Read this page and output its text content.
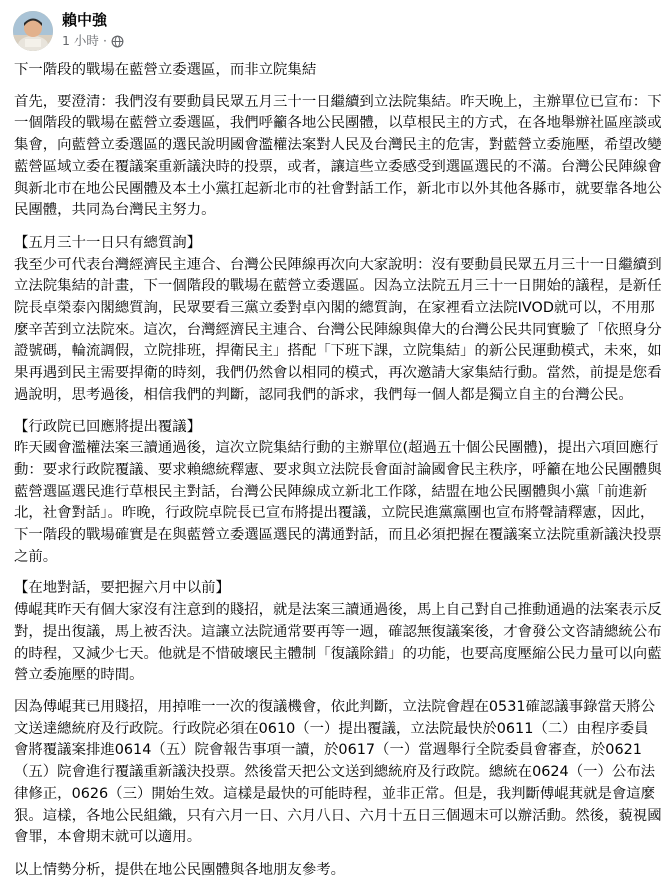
賴中強
1 小時 ·

下一階段的戰場在藍營立委選區，而非立院集結

首先，要澄清：我們沒有要動員民眾五月三十一日繼續到立法院集結。昨天晚上，主辦單位已宣布：下一個階段的戰場在藍營立委選區，我們呼籲各地公民團體，以草根民主的方式，在各地舉辦社區座談或集會，向藍營立委選區的選民說明國會濫權法案對人民及台灣民主的危害，對藍營立委施壓，希望改變藍營區域立委在覆議案重新議決時的投票，或者，讓這些立委感受到選區選民的不滿。台灣公民陣線會與新北市在地公民團體及本土小黨扛起新北市的社會對話工作，新北市以外其他各縣市，就要靠各地公民團體，共同為台灣民主努力。

【五月三十一日只有總質詢】

我至少可代表台灣經濟民主連合、台灣公民陣線再次向大家說明：沒有要動員民眾五月三十一日繼續到立法院集結的計畫，下一個階段的戰場在藍營立委選區。因為立法院五月三十一日開始的議程，是新任院長卓榮泰內閣總質詢，民眾要看三黨立委對卓內閣的總質詢，在家裡看立法院IVOD就可以，不用那麼辛苦到立法院來。這次，台灣經濟民主連合、台灣公民陣線與偉大的台灣公民共同實驗了「依照身分證號碼，輪流調假，立院排班，捍衛民主」搭配「下班下課，立院集結」的新公民運動模式，未來，如果再遇到民主需要捍衛的時刻，我們仍然會以相同的模式，再次邀請大家集結行動。當然，前提是您看過說明，思考過後，相信我們的判斷，認同我們的訴求，我們每一個人都是獨立自主的台灣公民。

【行政院已回應將提出覆議】

昨天國會濫權法案三讀通過後，這次立院集結行動的主辦單位(超過五十個公民團體)，提出六項回應行動：要求行政院覆議、要求賴總統釋憲、要求與立法院長會面討論國會民主秩序，呼籲在地公民團體與藍營選區選民進行草根民主對話，台灣公民陣線成立新北工作隊，結盟在地公民團體與小黨「前進新北，社會對話」。昨晚，行政院卓院長已宣布將提出覆議，立院民進黨黨團也宣布將聲請釋憲，因此，下一階段的戰場確實是在與藍營立委選區選民的溝通對話，而且必須把握在覆議案立法院重新議決投票之前。

【在地對話，要把握六月中以前】

傅崐萁昨天有個大家沒有注意到的賤招，就是法案三讀通過後，馬上自己對自己推動通過的法案表示反對，提出復議，馬上被否決。這讓立法院通常要再等一週，確認無復議案後，才會發公文咨請總統公布的時程，又減少七天。他就是不惜破壞民主體制「復議除錯」的功能，也要高度壓縮公民力量可以向藍營立委施壓的時間。

因為傅崐萁已用賤招，用掉唯一一次的復議機會，依此判斷，立法院會趕在0531確認議事錄當天將公文送達總統府及行政院。行政院必須在0610（一）提出覆議，立法院最快於0611（二）由程序委員會將覆議案排進0614（五）院會報告事項一讀，於0617（一）當週舉行全院委員會審查，於0621（五）院會進行覆議重新議決投票。然後當天把公文送到總統府及行政院。總統在0624（一）公布法律修正，0626（三）開始生效。這樣是最快的可能時程，並非正常。但是，我判斷傅崐萁就是會這麼狠。這樣，各地公民組織，只有六月一日、六月八日、六月十五日三個週末可以辦活動。然後，藐視國會罪，本會期末就可以適用。

以上情勢分析，提供在地公民團體與各地朋友參考。
